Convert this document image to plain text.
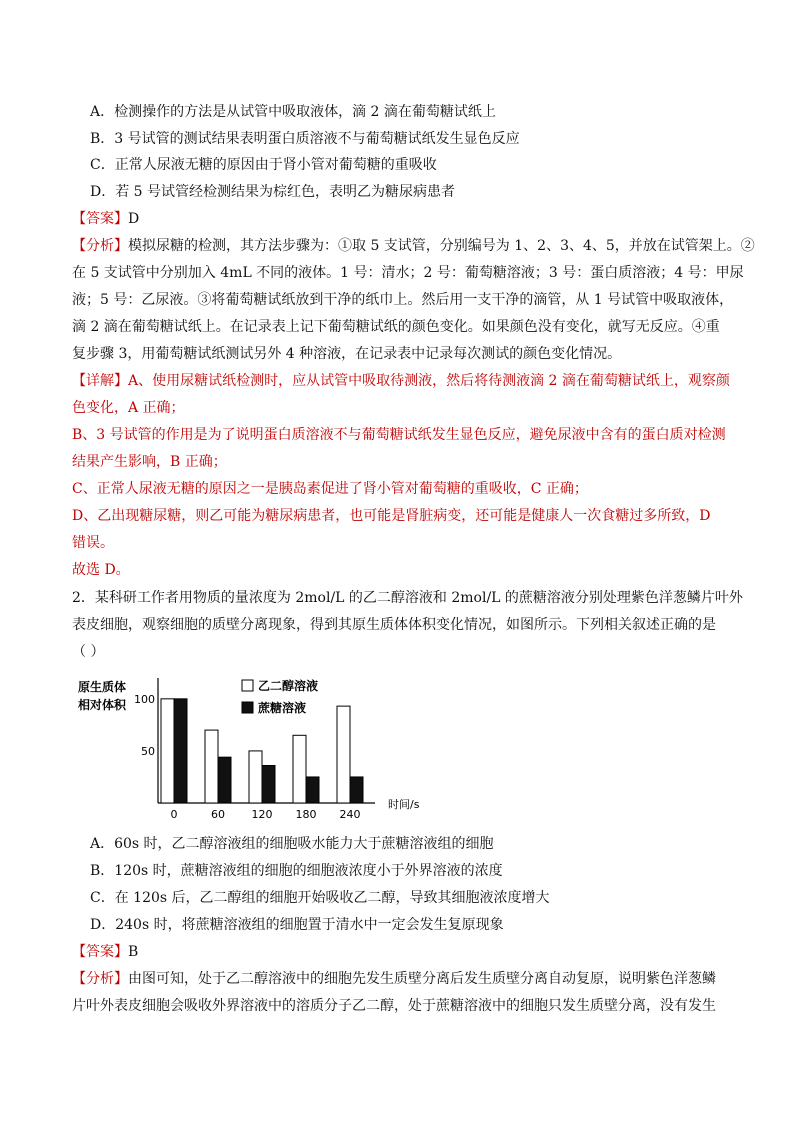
A．检测操作的方法是从试管中吸取液体，滴 2 滴在葡萄糖试纸上
B．3 号试管的测试结果表明蛋白质溶液不与葡萄糖试纸发生显色反应
C．正常人尿液无糖的原因由于肾小管对葡萄糖的重吸收
D．若 5 号试管经检测结果为棕红色，表明乙为糖尿病患者
【答案】D
【分析】模拟尿糖的检测，其方法步骤为：①取 5 支试管，分别编号为 1、2、3、4、5，并放在试管架上。②
在 5 支试管中分别加入 4mL 不同的液体。1 号：清水；2 号：葡萄糖溶液；3 号：蛋白质溶液；4 号：甲尿
液；5 号：乙尿液。③将葡萄糖试纸放到干净的纸巾上。然后用一支干净的滴管，从 1 号试管中吸取液体，
滴 2 滴在葡萄糖试纸上。在记录表上记下葡萄糖试纸的颜色变化。如果颜色没有变化，就写无反应。④重
复步骤 3，用葡萄糖试纸测试另外 4 种溶液，在记录表中记录每次测试的颜色变化情况。
【详解】A、使用尿糖试纸检测时，应从试管中吸取待测液，然后将待测液滴 2 滴在葡萄糖试纸上，观察颜
色变化，A 正确；
B、3 号试管的作用是为了说明蛋白质溶液不与葡萄糖试纸发生显色反应，避免尿液中含有的蛋白质对检测
结果产生影响，B 正确；
C、正常人尿液无糖的原因之一是胰岛素促进了肾小管对葡萄糖的重吸收，C 正确；
D、乙出现糖尿糖，则乙可能为糖尿病患者，也可能是肾脏病变，还可能是健康人一次食糖过多所致，D
错误。
故选 D。
2．某科研工作者用物质的量浓度为 2mol/L 的乙二醇溶液和 2mol/L 的蔗糖溶液分别处理紫色洋葱鳞片叶外
表皮细胞，观察细胞的质壁分离现象，得到其原生质体体积变化情况，如图所示。下列相关叙述正确的是
（ ）
原生质体
相对体积
时间/s
乙二醇溶液
蔗糖溶液
100
50
0	60 120 180 240
A．60s 时，乙二醇溶液组的细胞吸水能力大于蔗糖溶液组的细胞
B．120s 时，蔗糖溶液组的细胞的细胞液浓度小于外界溶液的浓度
C．在 120s 后，乙二醇组的细胞开始吸收乙二醇，导致其细胞液浓度增大
D．240s 时，将蔗糖溶液组的细胞置于清水中一定会发生复原现象
【答案】B
【分析】由图可知，处于乙二醇溶液中的细胞先发生质壁分离后发生质壁分离自动复原，说明紫色洋葱鳞
片叶外表皮细胞会吸收外界溶液中的溶质分子乙二醇，处于蔗糖溶液中的细胞只发生质壁分离，没有发生
